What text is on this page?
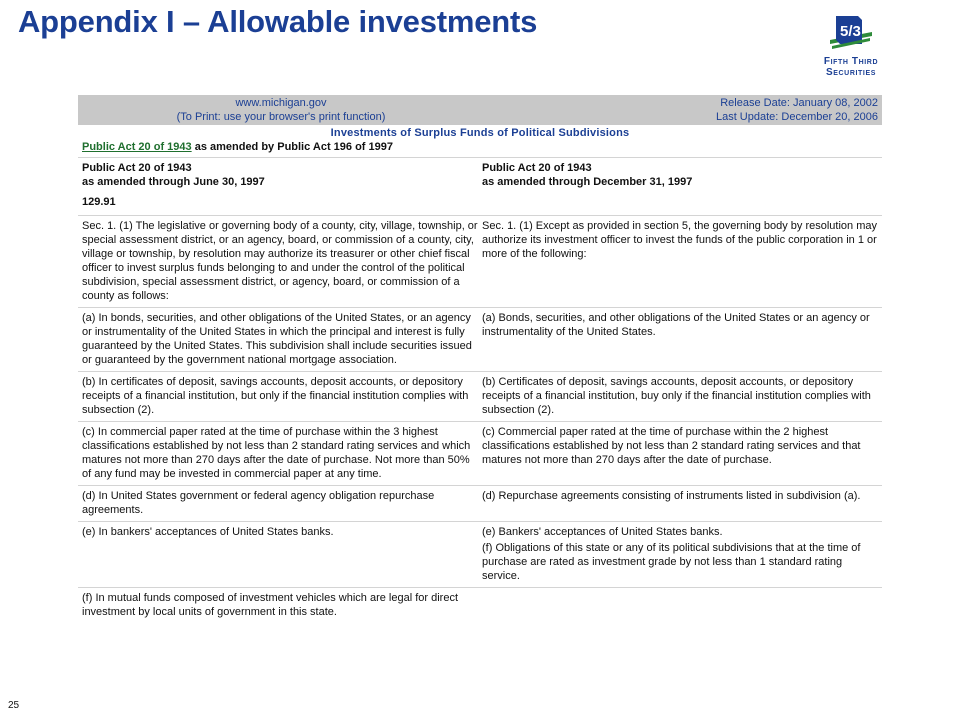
Appendix I – Allowable investments	5/3
Fifth Third Securities
www.michigan.gov
(To Print: use your browser's print function)
Release Date: January 08, 2002
Last Update: December 20, 2006
Investments of Surplus Funds of Political Subdivisions
Public Act 20 of 1943 as amended by Public Act 196 of 1997
Public Act 20 of 1943
as amended through June 30, 1997
Public Act 20 of 1943
as amended through December 31, 1997
129.91
Sec. 1. (1) The legislative or governing body of a county, city, village, township, or special assessment district, or an agency, board, or commission of a county, city, village or township, by resolution may authorize its treasurer or other chief fiscal officer to invest surplus funds belonging to and under the control of the political subdivision, special assessment district, or agency, board, or commission of a county as follows:
Sec. 1. (1) Except as provided in section 5, the governing body by resolution may authorize its investment officer to invest the funds of the public corporation in 1 or more of the following:
(a) In bonds, securities, and other obligations of the United States, or an agency or instrumentality of the United States in which the principal and interest is fully guaranteed by the United States. This subdivision shall include securities issued or guaranteed by the government national mortgage association.
(a) Bonds, securities, and other obligations of the United States or an agency or instrumentality of the United States.
(b) In certificates of deposit, savings accounts, deposit accounts, or depository receipts of a financial institution, but only if the financial institution complies with subsection (2).
(b) Certificates of deposit, savings accounts, deposit accounts, or depository receipts of a financial institution, buy only if the financial institution complies with subsection (2).
(c) In commercial paper rated at the time of purchase within the 3 highest classifications established by not less than 2 standard rating services and which matures not more than 270 days after the date of purchase. Not more than 50% of any fund may be invested in commercial paper at any time.
(c) Commercial paper rated at the time of purchase within the 2 highest classifications established by not less than 2 standard rating services and that matures not more than 270 days after the date of purchase.
(d) In United States government or federal agency obligation repurchase agreements.
(d) Repurchase agreements consisting of instruments listed in subdivision (a).
(e) In bankers' acceptances of United States banks.	(e) Bankers' acceptances of United States banks.
(f) Obligations of this state or any of its political subdivisions that at the time of purchase are rated as investment grade by not less than 1 standard rating service.
(f) In mutual funds composed of investment vehicles which are legal for direct investment by local units of government in this state.
25
